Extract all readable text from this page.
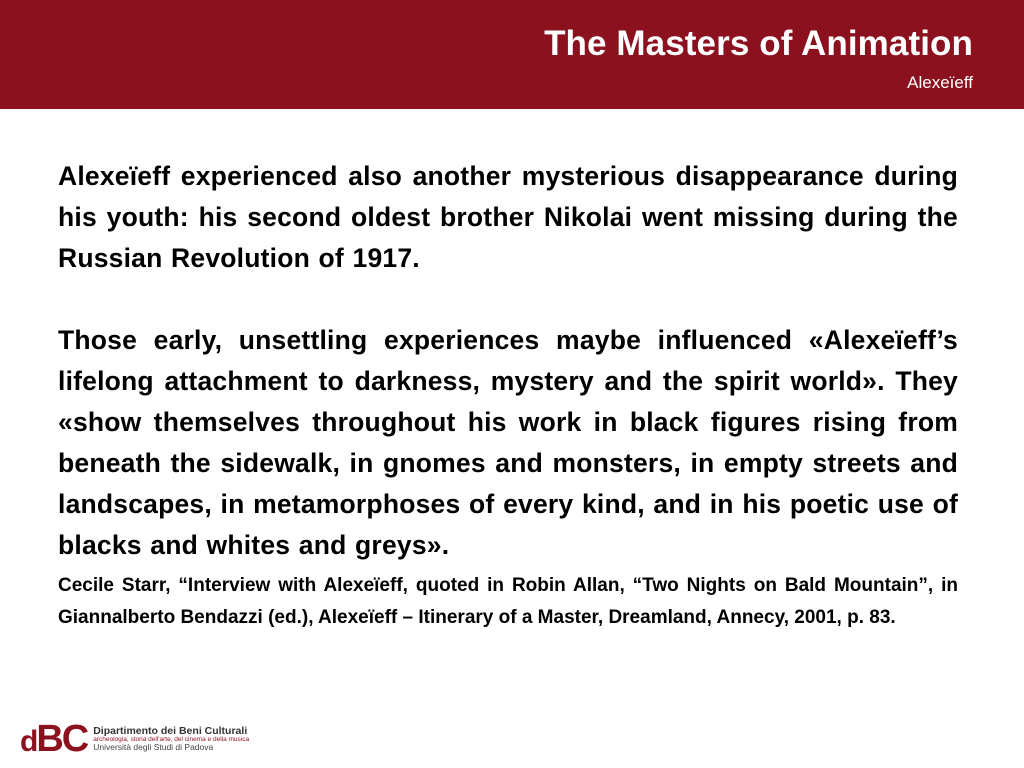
The Masters of Animation
Alexeïeff

Alexeïeff experienced also another mysterious disappearance during his youth: his second oldest brother Nikolai went missing during the Russian Revolution of 1917.

Those early, unsettling experiences maybe influenced «Alexeïeff’s lifelong attachment to darkness, mystery and the spirit world». They «show themselves throughout his work in black figures rising from beneath the sidewalk, in gnomes and monsters, in empty streets and landscapes, in metamorphoses of every kind, and in his poetic use of blacks and whites and greys».

Cecile Starr, “Interview with Alexeïeff, quoted in Robin Allan, “Two Nights on Bald Mountain”, in Giannalberto Bendazzi (ed.), Alexeïeff – Itinerary of a Master, Dreamland, Annecy, 2001, p. 83.

dBC Dipartimento dei Beni Culturali
archeologia, storia dell'arte, del cinema e della musica
Università degli Studi di Padova
